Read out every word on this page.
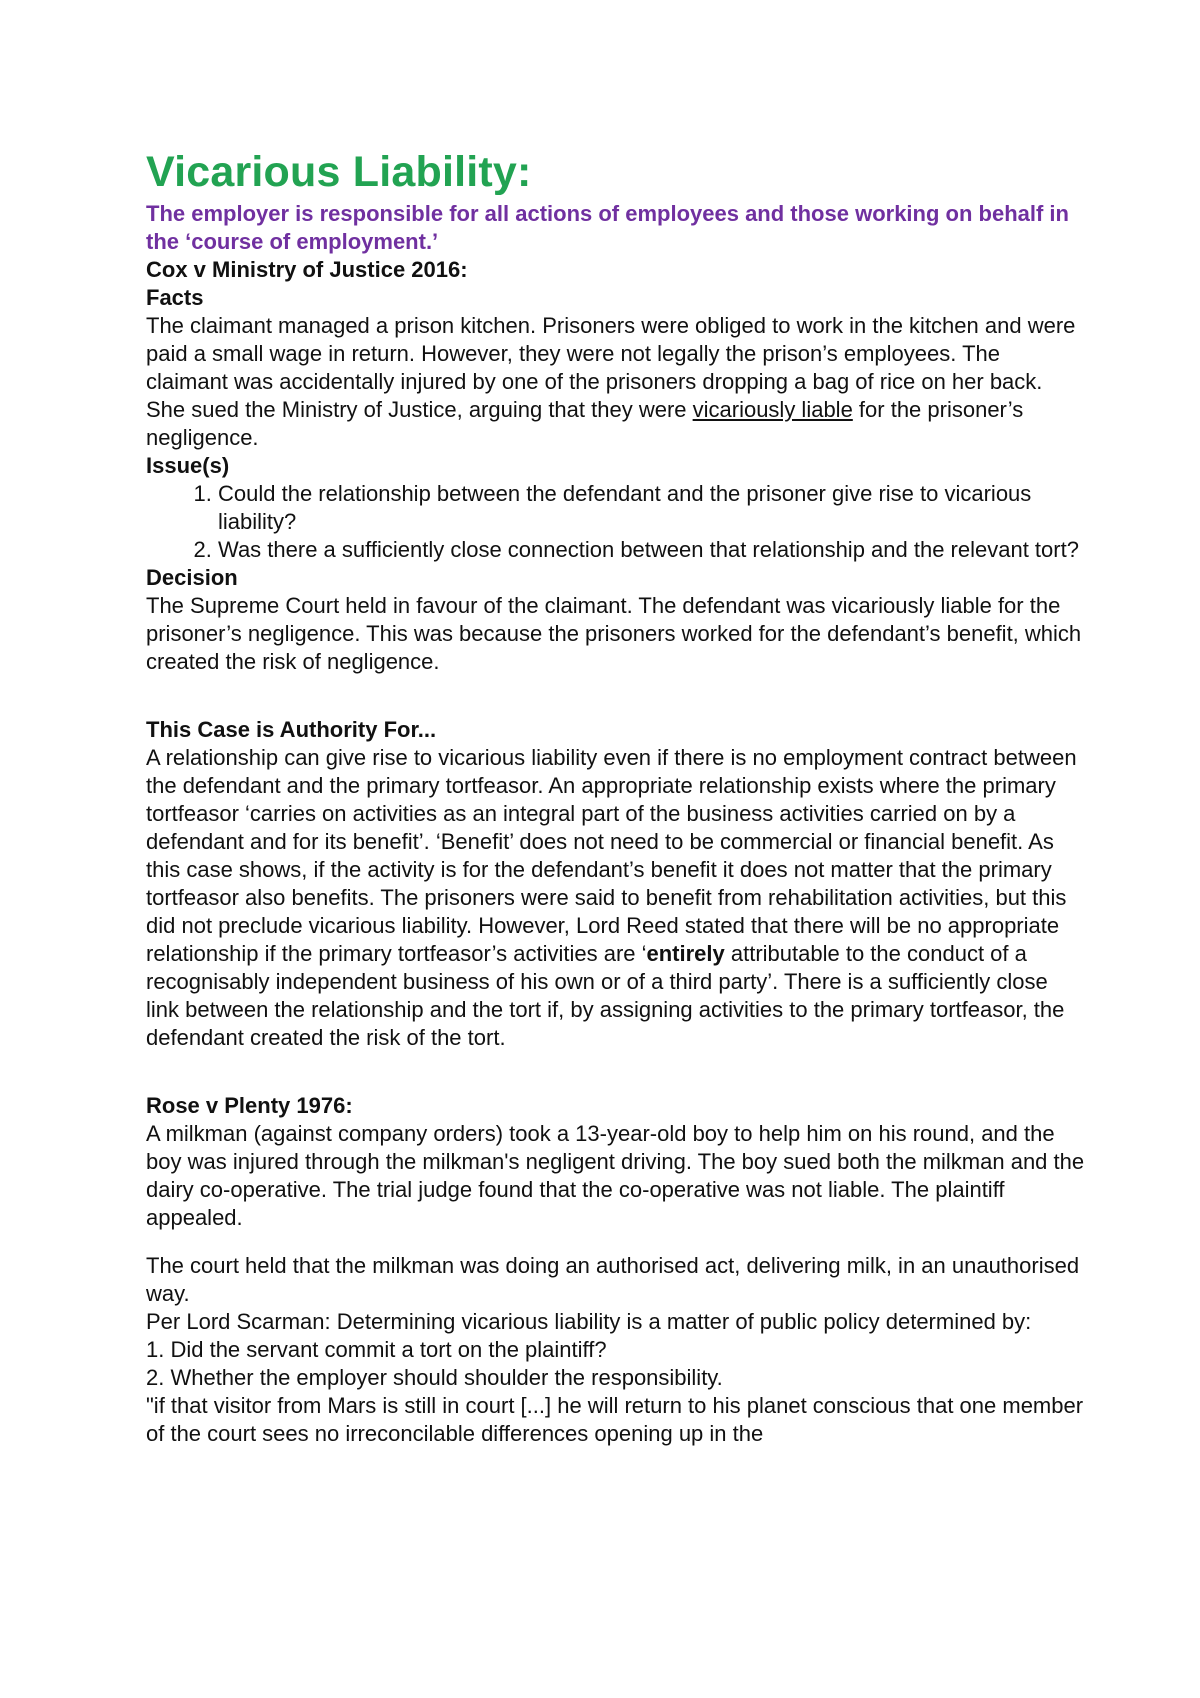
Vicarious Liability:
The employer is responsible for all actions of employees and those working on behalf in the ‘course of employment.’
Cox v Ministry of Justice 2016:
Facts
The claimant managed a prison kitchen. Prisoners were obliged to work in the kitchen and were paid a small wage in return. However, they were not legally the prison’s employees. The claimant was accidentally injured by one of the prisoners dropping a bag of rice on her back. She sued the Ministry of Justice, arguing that they were vicariously liable for the prisoner’s negligence.
Issue(s)
1. Could the relationship between the defendant and the prisoner give rise to vicarious liability?
2. Was there a sufficiently close connection between that relationship and the relevant tort?
Decision
The Supreme Court held in favour of the claimant. The defendant was vicariously liable for the prisoner’s negligence. This was because the prisoners worked for the defendant’s benefit, which created the risk of negligence.
This Case is Authority For...
A relationship can give rise to vicarious liability even if there is no employment contract between the defendant and the primary tortfeasor. An appropriate relationship exists where the primary tortfeasor ‘carries on activities as an integral part of the business activities carried on by a defendant and for its benefit’. ‘Benefit’ does not need to be commercial or financial benefit. As this case shows, if the activity is for the defendant’s benefit it does not matter that the primary tortfeasor also benefits. The prisoners were said to benefit from rehabilitation activities, but this did not preclude vicarious liability. However, Lord Reed stated that there will be no appropriate relationship if the primary tortfeasor’s activities are ‘entirely attributable to the conduct of a recognisably independent business of his own or of a third party’. There is a sufficiently close link between the relationship and the tort if, by assigning activities to the primary tortfeasor, the defendant created the risk of the tort.
Rose v Plenty 1976:
A milkman (against company orders) took a 13-year-old boy to help him on his round, and the boy was injured through the milkman's negligent driving. The boy sued both the milkman and the dairy co-operative. The trial judge found that the co-operative was not liable. The plaintiff appealed.
The court held that the milkman was doing an authorised act, delivering milk, in an unauthorised way.
Per Lord Scarman: Determining vicarious liability is a matter of public policy determined by:
1. Did the servant commit a tort on the plaintiff?
2. Whether the employer should shoulder the responsibility.
"if that visitor from Mars is still in court [...] he will return to his planet conscious that one member of the court sees no irreconcilable differences opening up in the
